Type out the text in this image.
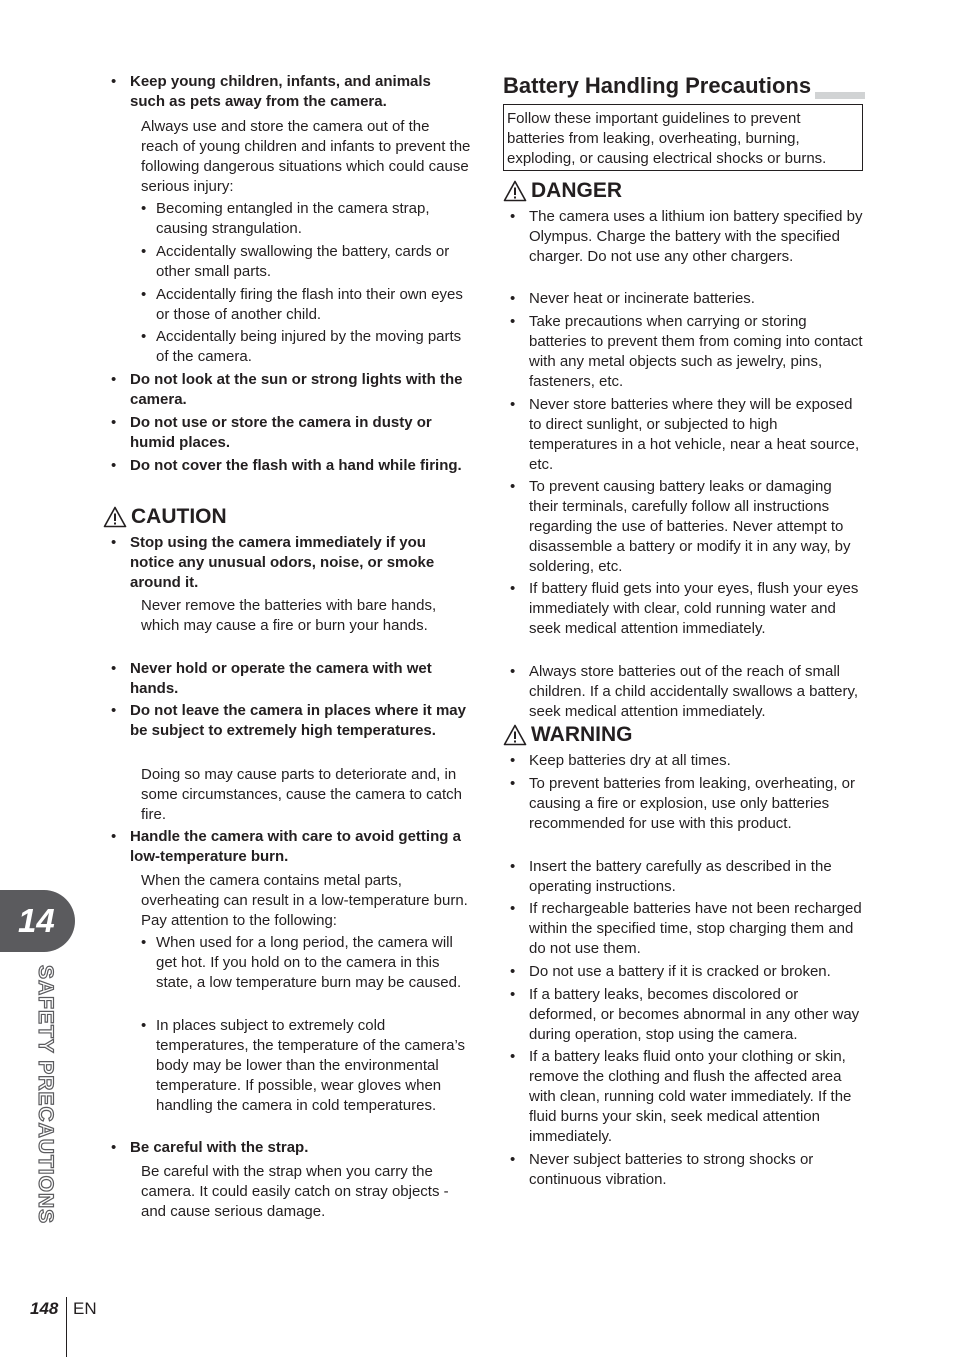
• Keep young children, infants, and animals such as pets away from the camera.
Always use and store the camera out of the reach of young children and infants to prevent the following dangerous situations which could cause serious injury:
• Becoming entangled in the camera strap, causing strangulation.
• Accidentally swallowing the battery, cards or other small parts.
• Accidentally firing the flash into their own eyes or those of another child.
• Accidentally being injured by the moving parts of the camera.
• Do not look at the sun or strong lights with the camera.
• Do not use or store the camera in dusty or humid places.
• Do not cover the flash with a hand while firing.
CAUTION
• Stop using the camera immediately if you notice any unusual odors, noise, or smoke around it.
Never remove the batteries with bare hands, which may cause a fire or burn your hands.
• Never hold or operate the camera with wet hands.
• Do not leave the camera in places where it may be subject to extremely high temperatures.
Doing so may cause parts to deteriorate and, in some circumstances, cause the camera to catch fire.
• Handle the camera with care to avoid getting a low-temperature burn.
When the camera contains metal parts, overheating can result in a low-temperature burn. Pay attention to the following:
• When used for a long period, the camera will get hot. If you hold on to the camera in this state, a low temperature burn may be caused.
• In places subject to extremely cold temperatures, the temperature of the camera’s body may be lower than the environmental temperature. If possible, wear gloves when handling the camera in cold temperatures.
• Be careful with the strap.
Be careful with the strap when you carry the camera. It could easily catch on stray objects - and cause serious damage.
Battery Handling Precautions
Follow these important guidelines to prevent batteries from leaking, overheating, burning, exploding, or causing electrical shocks or burns.
DANGER
• The camera uses a lithium ion battery specified by Olympus. Charge the battery with the specified charger. Do not use any other chargers.
• Never heat or incinerate batteries.
• Take precautions when carrying or storing batteries to prevent them from coming into contact with any metal objects such as jewelry, pins, fasteners, etc.
• Never store batteries where they will be exposed to direct sunlight, or subjected to high temperatures in a hot vehicle, near a heat source, etc.
• To prevent causing battery leaks or damaging their terminals, carefully follow all instructions regarding the use of batteries. Never attempt to disassemble a battery or modify it in any way, by soldering, etc.
• If battery fluid gets into your eyes, flush your eyes immediately with clear, cold running water and seek medical attention immediately.
• Always store batteries out of the reach of small children. If a child accidentally swallows a battery, seek medical attention immediately.
WARNING
• Keep batteries dry at all times.
• To prevent batteries from leaking, overheating, or causing a fire or explosion, use only batteries recommended for use with this product.
• Insert the battery carefully as described in the operating instructions.
• If rechargeable batteries have not been recharged within the specified time, stop charging them and do not use them.
• Do not use a battery if it is cracked or broken.
• If a battery leaks, becomes discolored or deformed, or becomes abnormal in any other way during operation, stop using the camera.
• If a battery leaks fluid onto your clothing or skin, remove the clothing and flush the affected area with clean, running cold water immediately. If the fluid burns your skin, seek medical attention immediately.
• Never subject batteries to strong shocks or continuous vibration.
14
SAFETY PRECAUTIONS
148 EN
